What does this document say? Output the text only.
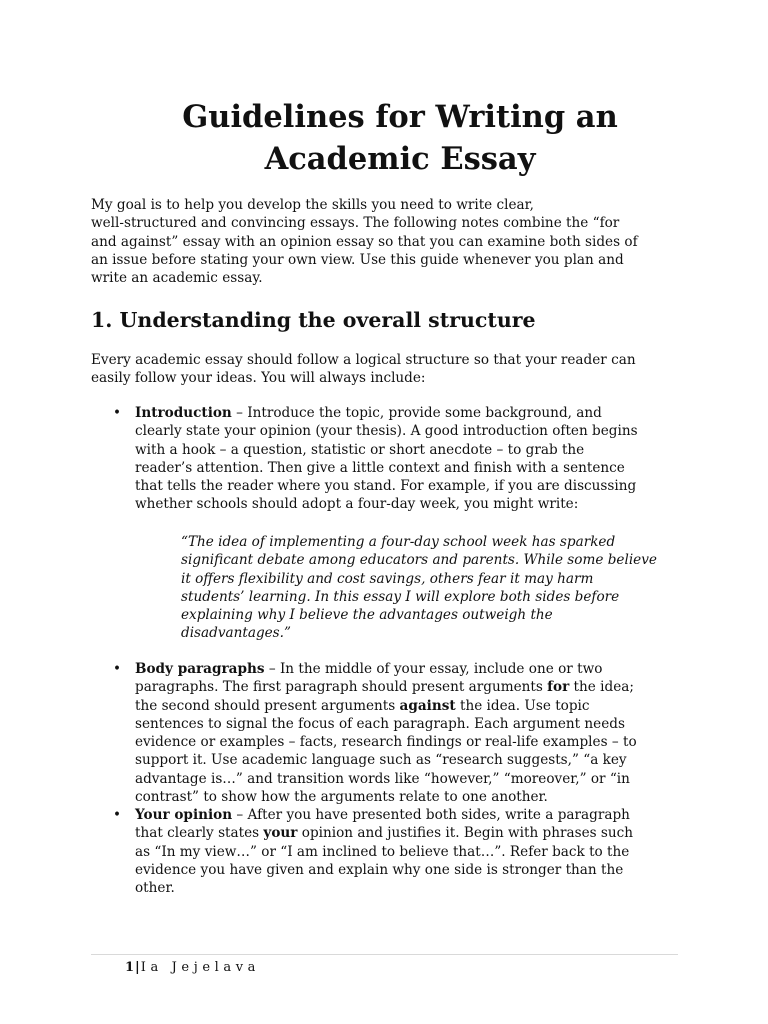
Guidelines for Writing an
Academic Essay

My goal is to help you develop the skills you need to write clear,
well-structured and convincing essays. The following notes combine the “for
and against” essay with an opinion essay so that you can examine both sides of
an issue before stating your own view. Use this guide whenever you plan and
write an academic essay.

1. Understanding the overall structure

Every academic essay should follow a logical structure so that your reader can
easily follow your ideas. You will always include:

• Introduction – Introduce the topic, provide some background, and
clearly state your opinion (your thesis). A good introduction often begins
with a hook – a question, statistic or short anecdote – to grab the
reader’s attention. Then give a little context and finish with a sentence
that tells the reader where you stand. For example, if you are discussing
whether schools should adopt a four-day week, you might write:
“The idea of implementing a four-day school week has sparked
significant debate among educators and parents. While some believe
it offers flexibility and cost savings, others fear it may harm
students’ learning. In this essay I will explore both sides before
explaining why I believe the advantages outweigh the
disadvantages.”
• Body paragraphs – In the middle of your essay, include one or two
paragraphs. The first paragraph should present arguments for the idea;
the second should present arguments against the idea. Use topic
sentences to signal the focus of each paragraph. Each argument needs
evidence or examples – facts, research findings or real-life examples – to
support it. Use academic language such as “research suggests,” “a key
advantage is…” and transition words like “however,” “moreover,” or “in
contrast” to show how the arguments relate to one another.
• Your opinion – After you have presented both sides, write a paragraph
that clearly states your opinion and justifies it. Begin with phrases such
as “In my view…” or “I am inclined to believe that…”. Refer back to the
evidence you have given and explain why one side is stronger than the
other.
1|Ia Jejelava
